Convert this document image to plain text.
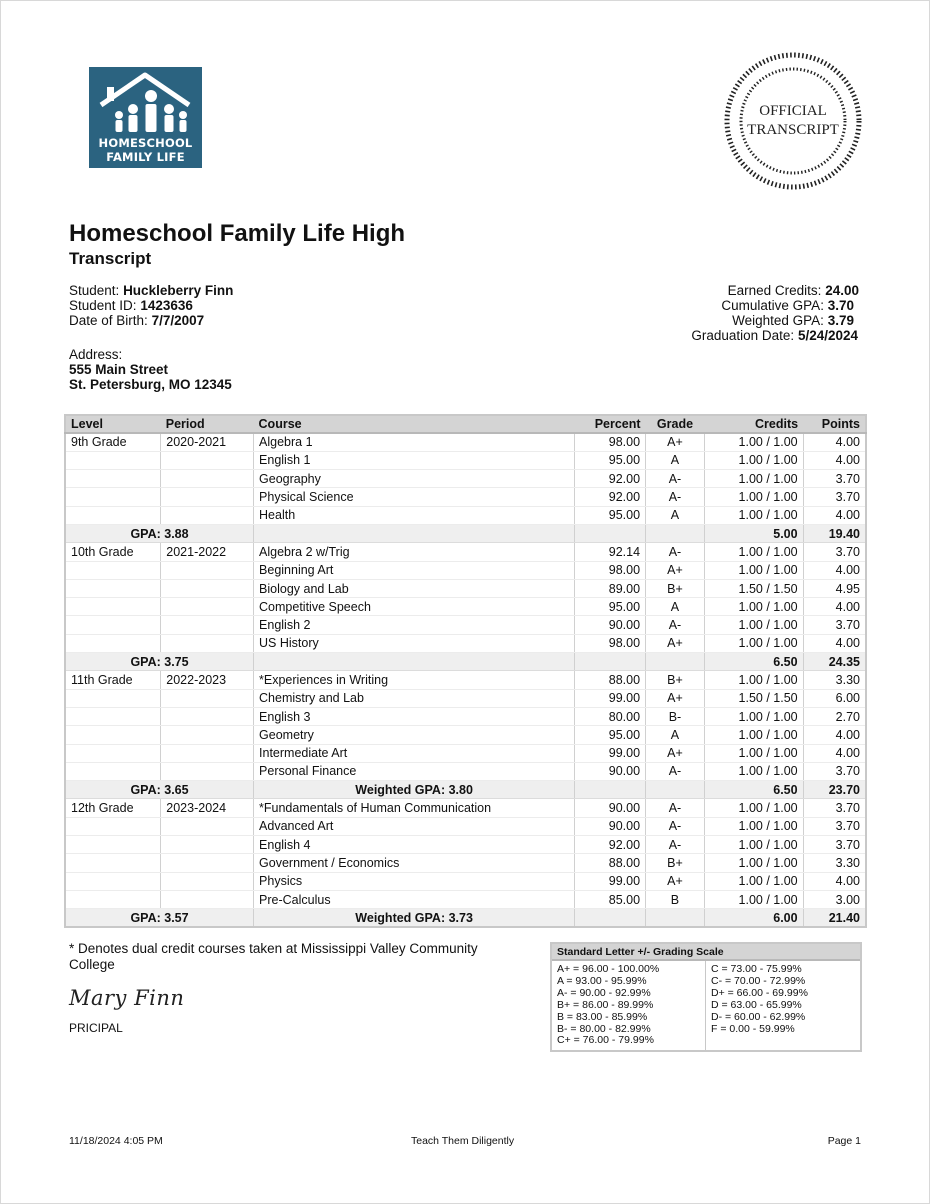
HOMESCHOOL
FAMILY LIFE
OFFICIAL
TRANSCRIPT
Homeschool Family Life High
Transcript
Student: Huckleberry Finn
Student ID: 1423636
Date of Birth: 7/7/2007
Address:
555 Main Street
St. Petersburg, MO 12345
Earned Credits: 24.00
Cumulative GPA: 3.70
Weighted GPA: 3.79
Graduation Date: 5/24/2024
Level	Period	Course	Percent	Grade	Credits	Points
9th Grade	2020-2021	Algebra 1	98.00	A+	1.00 / 1.00	4.00
		English 1	95.00	A	1.00 / 1.00	4.00
		Geography	92.00	A-	1.00 / 1.00	3.70
		Physical Science	92.00	A-	1.00 / 1.00	3.70
		Health	95.00	A	1.00 / 1.00	4.00
GPA: 3.88					5.00	19.40
10th Grade	2021-2022	Algebra 2 w/Trig	92.14	A-	1.00 / 1.00	3.70
		Beginning Art	98.00	A+	1.00 / 1.00	4.00
		Biology and Lab	89.00	B+	1.50 / 1.50	4.95
		Competitive Speech	95.00	A	1.00 / 1.00	4.00
		English 2	90.00	A-	1.00 / 1.00	3.70
		US History	98.00	A+	1.00 / 1.00	4.00
GPA: 3.75					6.50	24.35
11th Grade	2022-2023	*Experiences in Writing	88.00	B+	1.00 / 1.00	3.30
		Chemistry and Lab	99.00	A+	1.50 / 1.50	6.00
		English 3	80.00	B-	1.00 / 1.00	2.70
		Geometry	95.00	A	1.00 / 1.00	4.00
		Intermediate Art	99.00	A+	1.00 / 1.00	4.00
		Personal Finance	90.00	A-	1.00 / 1.00	3.70
GPA: 3.65		Weighted GPA: 3.80			6.50	23.70
12th Grade	2023-2024	*Fundamentals of Human Communication	90.00	A-	1.00 / 1.00	3.70
		Advanced Art	90.00	A-	1.00 / 1.00	3.70
		English 4	92.00	A-	1.00 / 1.00	3.70
		Government / Economics	88.00	B+	1.00 / 1.00	3.30
		Physics	99.00	A+	1.00 / 1.00	4.00
		Pre-Calculus	85.00	B	1.00 / 1.00	3.00
GPA: 3.57		Weighted GPA: 3.73			6.00	21.40
* Denotes dual credit courses taken at Mississippi Valley Community College
Mary Finn
PRICIPAL
Standard Letter +/- Grading Scale
A+ = 96.00 - 100.00%
A = 93.00 - 95.99%
A- = 90.00 - 92.99%
B+ = 86.00 - 89.99%
B = 83.00 - 85.99%
B- = 80.00 - 82.99%
C+ = 76.00 - 79.99%
C = 73.00 - 75.99%
C- = 70.00 - 72.99%
D+ = 66.00 - 69.99%
D = 63.00 - 65.99%
D- = 60.00 - 62.99%
F = 0.00 - 59.99%
11/18/2024 4:05 PM	Teach Them Diligently	Page 1
